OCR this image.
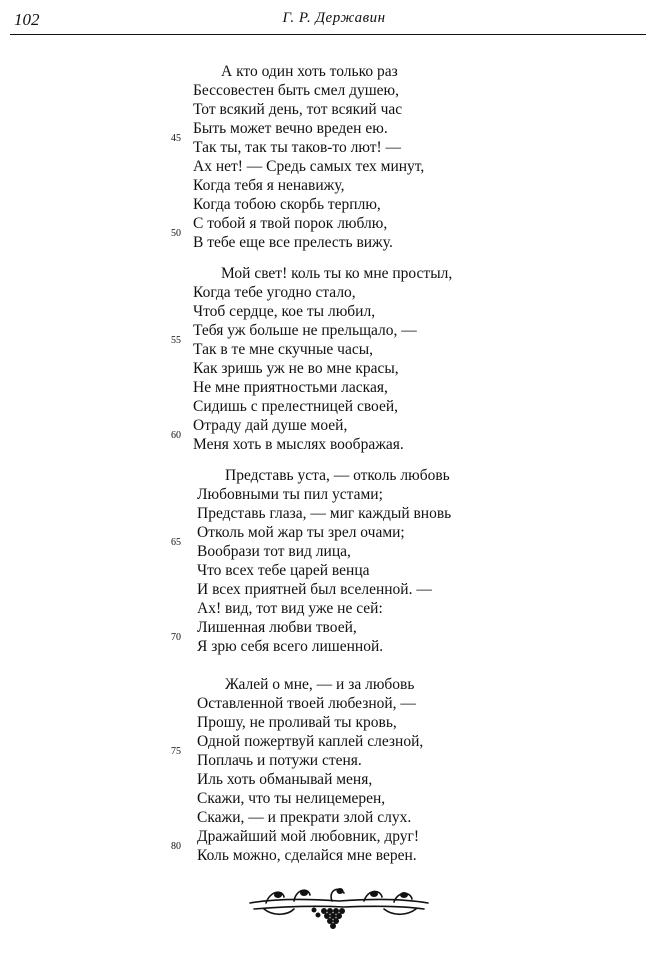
102	Г. Р. Державин
А кто один хоть только раз
Бессовестен быть смел душею,
Тот всякий день, тот всякий час
Быть может вечно вреден ею.
45
Так ты, так ты таков-то лют! —
Ах нет! — Средь самых тех минут,
Когда тебя я ненавижу,
Когда тобою скорбь терплю,
С тобой я твой порок люблю,
50
В тебе еще все прелесть вижу.
Мой свет! коль ты ко мне простыл,
Когда тебе угодно стало,
Чтоб сердце, кое ты любил,
Тебя уж больше не прельщало, —
55
Так в те мне скучные часы,
Как зришь уж не во мне красы,
Не мне приятностьми лаская,
Сидишь с прелестницей своей,
Отраду дай душе моей,
60
Меня хоть в мыслях воображая.
Представь уста, — отколь любовь
Любовными ты пил устами;
Представь глаза, — миг каждый вновь
Отколь мой жар ты зрел очами;
65
Вообрази тот вид лица,
Что всех тебе царей венца
И всех приятней был вселенной. —
Ах! вид, тот вид уже не сей:
Лишенная любви твоей,
70
Я зрю себя всего лишенной.
Жалей о мне, — и за любовь
Оставленной твоей любезной, —
Прошу, не проливай ты кровь,
Одной пожертвуй каплей слезной,
75
Поплачь и потужи стеня.
Иль хоть обманывай меня,
Скажи, что ты нелицемерен,
Скажи, — и прекрати злой слух.
Дражайший мой любовник, друг!
80
Коль можно, сделайся мне верен.
